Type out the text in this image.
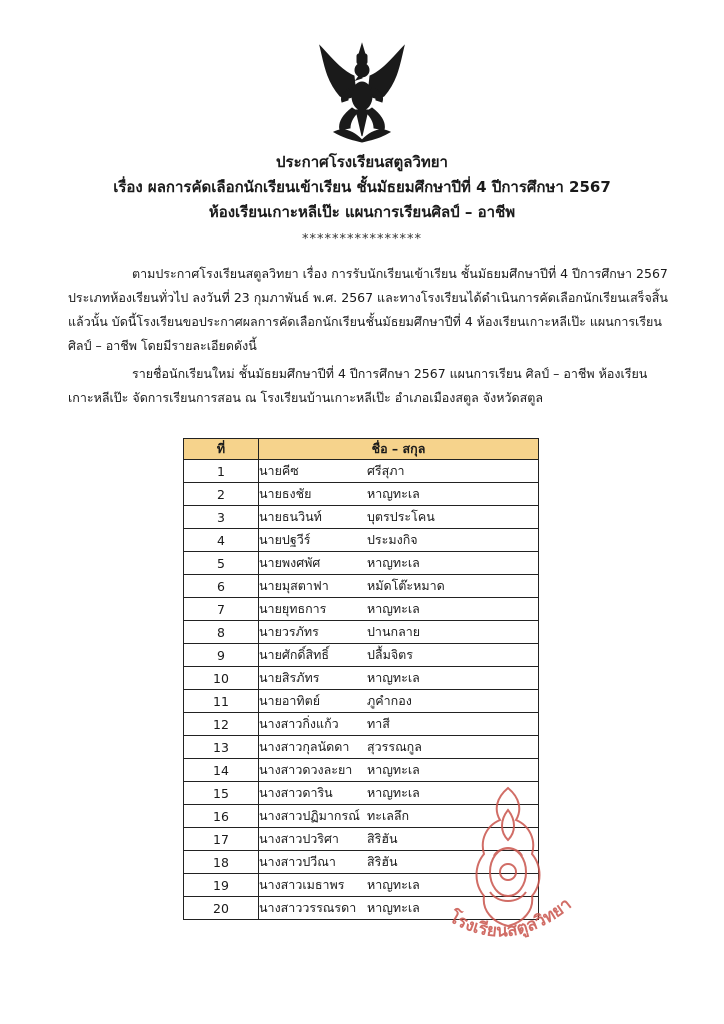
ประกาศโรงเรียนสตูลวิทยา
เรื่อง ผลการคัดเลือกนักเรียนเข้าเรียน ชั้นมัธยมศึกษาปีที่ 4 ปีการศึกษา 2567
ห้องเรียนเกาะหลีเป๊ะ แผนการเรียนศิลป์ – อาชีพ
****************
ตามประกาศโรงเรียนสตูลวิทยา เรื่อง การรับนักเรียนเข้าเรียน ชั้นมัธยมศึกษาปีที่ 4 ปีการศึกษา 2567 ประเภทห้องเรียนทั่วไป ลงวันที่ 23 กุมภาพันธ์ พ.ศ. 2567 และทางโรงเรียนได้ดำเนินการคัดเลือกนักเรียนเสร็จสิ้นแล้วนั้น บัดนี้โรงเรียนขอประกาศผลการคัดเลือกนักเรียนชั้นมัธยมศึกษาปีที่ 4 ห้องเรียนเกาะหลีเป๊ะ แผนการเรียนศิลป์ – อาชีพ โดยมีรายละเอียดดังนี้
รายชื่อนักเรียนใหม่ ชั้นมัธยมศึกษาปีที่ 4 ปีการศึกษา 2567 แผนการเรียน ศิลป์ – อาชีพ ห้องเรียนเกาะหลีเป๊ะ จัดการเรียนการสอน ณ โรงเรียนบ้านเกาะหลีเป๊ะ อำเภอเมืองสตูล จังหวัดสตูล
ที่	ชื่อ – สกุล
1	นายคีซ ศรีสุภา
2	นายธงชัย หาญทะเล
3	นายธนวินท์ บุตรประโคน
4	นายปฐวีร์ ประมงกิจ
5	นายพงศพัศ หาญทะเล
6	นายมุสตาฟา หมัดโต๊ะหมาด
7	นายยุทธการ หาญทะเล
8	นายวรภัทร ปานกลาย
9	นายศักดิ์สิทธิ์ ปลื้มจิตร
10	นายสิรภัทร หาญทะเล
11	นายอาทิตย์ ภูคำกอง
12	นางสาวกิ่งแก้ว ทาสี
13	นางสาวกุลนัดดา สุวรรณกูล
14	นางสาวดวงละยา หาญทะเล
15	นางสาวดาริน หาญทะเล
16	นางสาวปฏิมากรณ์ ทะเลลึก
17	นางสาวปวริศา สิริฮัน
18	นางสาวปวีณา สิริฮัน
19	นางสาวเมธาพร หาญทะเล
20	นางสาววรรณรดา หาญทะเล โรงเรียนสตูลวิทยา
